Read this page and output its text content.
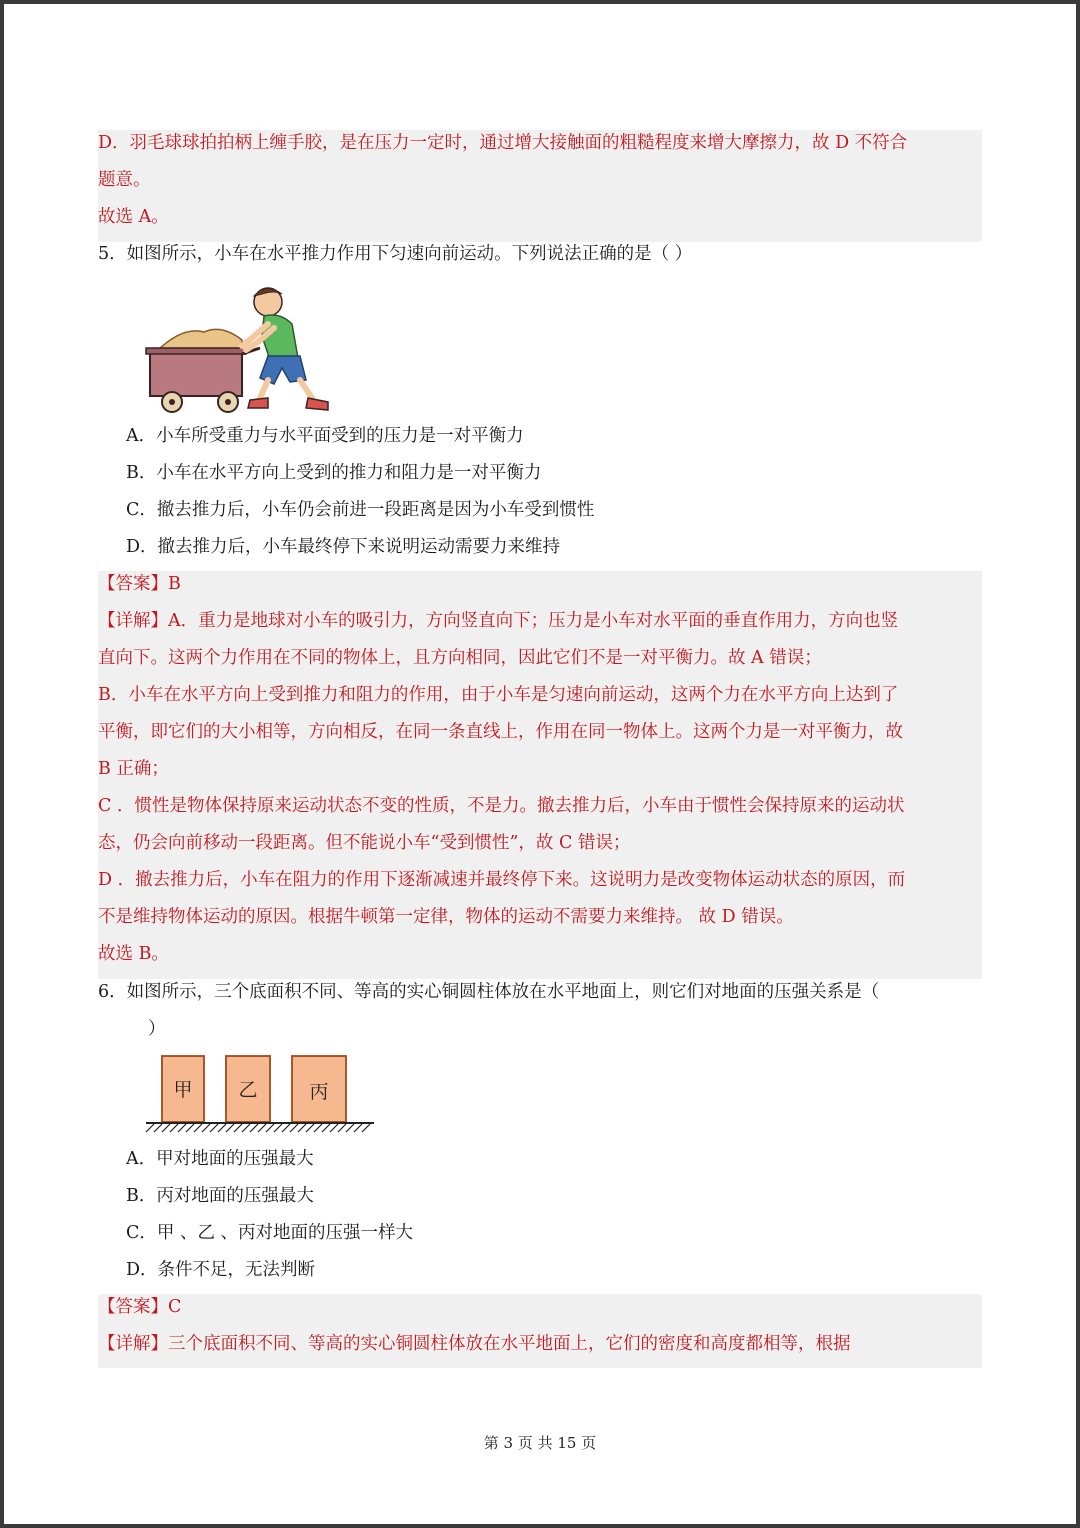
D．羽毛球球拍拍柄上缠手胶，是在压力一定时，通过增大接触面的粗糙程度来增大摩擦力，故 D 不符合
题意。
故选 A。
5．如图所示，小车在水平推力作用下匀速向前运动。下列说法正确的是（ ）
A．小车所受重力与水平面受到的压力是一对平衡力
B．小车在水平方向上受到的推力和阻力是一对平衡力
C．撤去推力后，小车仍会前进一段距离是因为小车受到惯性
D．撤去推力后，小车最终停下来说明运动需要力来维持
【答案】B
【详解】A．重力是地球对小车的吸引力，方向竖直向下；压力是小车对水平面的垂直作用力，方向也竖
直向下。这两个力作用在不同的物体上，且方向相同，因此它们不是一对平衡力。故 A 错误；
B．小车在水平方向上受到推力和阻力的作用，由于小车是匀速向前运动，这两个力在水平方向上达到了
平衡，即它们的大小相等，方向相反，在同一条直线上，作用在同一物体上。这两个力是一对平衡力，故
B 正确；
C ．惯性是物体保持原来运动状态不变的性质，不是力。撤去推力后，小车由于惯性会保持原来的运动状
态，仍会向前移动一段距离。但不能说小车“受到惯性”，故 C 错误；
D ．撤去推力后，小车在阻力的作用下逐渐减速并最终停下来。这说明力是改变物体运动状态的原因，而
不是维持物体运动的原因。根据牛顿第一定律，物体的运动不需要力来维持。 故 D 错误。
故选 B。
6．如图所示，三个底面积不同、等高的实心铜圆柱体放在水平地面上，则它们对地面的压强关系是（
）
甲 乙	丙
A．甲对地面的压强最大
B．丙对地面的压强最大
C．甲 、乙 、丙对地面的压强一样大
D．条件不足，无法判断
【答案】C
【详解】三个底面积不同、等高的实心铜圆柱体放在水平地面上，它们的密度和高度都相等，根据
第 3 页 共 15 页
